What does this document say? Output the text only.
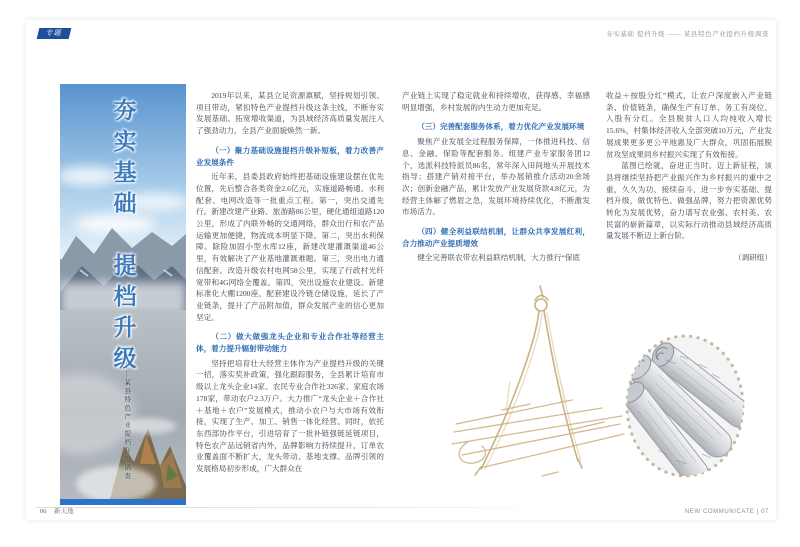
专题	夯实基础 提档升级 —— 某县特色产业提档升级调查
夯实基础　提档升级
——某县特色产业提档升级调查

2019年以来，某县立足资源禀赋，坚持规划引领、项目带动，紧扣特色产业提档升级这条主线，不断夯实发展基础、拓宽增收渠道，为县域经济高质量发展注入了强劲动力，全县产业面貌焕然一新。

（一）聚力基础设施提档升级补短板，着力改善产业发展条件

近年来，县委县政府始终把基础设施建设摆在优先位置，先后整合各类资金2.6亿元，实施道路畅通、水利配套、电网改造等一批重点工程。第一，突出交通先行。新建改建产业路、旅游路86公里，硬化通组道路120公里，形成了内联外畅的交通网络，群众出行和农产品运输更加便捷，物流成本明显下降。第二，突出水利保障。除险加固小型水库12座，新建改建灌溉渠道46公里，有效解决了产业基地灌溉难题。第三，突出电力通信配套。改造升级农村电网58公里，实现了行政村光纤宽带和4G网络全覆盖。第四，突出设施农业建设。新建标准化大棚1200座，配套建设冷链仓储设施，延长了产业链条，提升了产品附加值，群众发展产业的信心更加坚定。

（二）做大做强龙头企业和专业合作社等经营主体，着力提升辐射带动能力

坚持把培育壮大经营主体作为产业提档升级的关键一招，落实奖补政策，强化跟踪服务，全县累计培育市级以上龙头企业14家、农民专业合作社326家、家庭农场178家，带动农户2.3万户。大力推广“龙头企业＋合作社＋基地＋农户”发展模式，推动小农户与大市场有效衔接，实现了生产、加工、销售一体化经营。同时，依托东西部协作平台，引进培育了一批补链强链延链项目，特色农产品远销省内外，品牌影响力持续提升，订单农业覆盖面不断扩大，龙头带动、基地支撑、品牌引领的发展格局初步形成，广大群众在

产业链上实现了稳定就业和持续增收，获得感、幸福感明显增强，乡村发展的内生动力更加充足。

（三）完善配套服务体系，着力优化产业发展环境

聚焦产业发展全过程服务保障，一体推进科技、信息、金融、保险等配套服务。组建产业专家服务团12个，选派科技特派员86名，常年深入田间地头开展技术指导；搭建产销对接平台，举办展销推介活动20余场次；创新金融产品，累计发放产业发展贷款4.8亿元，为经营主体解了燃眉之急，发展环境持续优化，不断激发市场活力。

（四）健全利益联结机制，让群众共享发展红利，合力推动产业提质增效

健全完善联农带农利益联结机制，大力推行“保底

收益＋按股分红”模式，让农户深度嵌入产业链条、价值链条，确保生产有订单、务工有岗位、入股有分红。全县脱贫人口人均纯收入增长15.6%，村集体经济收入全部突破10万元，产业发展成果更多更公平地惠及广大群众，巩固拓展脱贫攻坚成果同乡村振兴实现了有效衔接。

蓝图已绘就，奋进正当时。迈上新征程，该县将继续坚持把产业振兴作为乡村振兴的重中之重，久久为功、接续奋斗，进一步夯实基础、提档升级，做优特色、做强品牌，努力把资源优势转化为发展优势，奋力谱写农业强、农村美、农民富的崭新篇章，以实际行动推动县域经济高质量发展不断迈上新台阶。

（调研组）

06 新天地	NEW COMMUNICATE | 07
